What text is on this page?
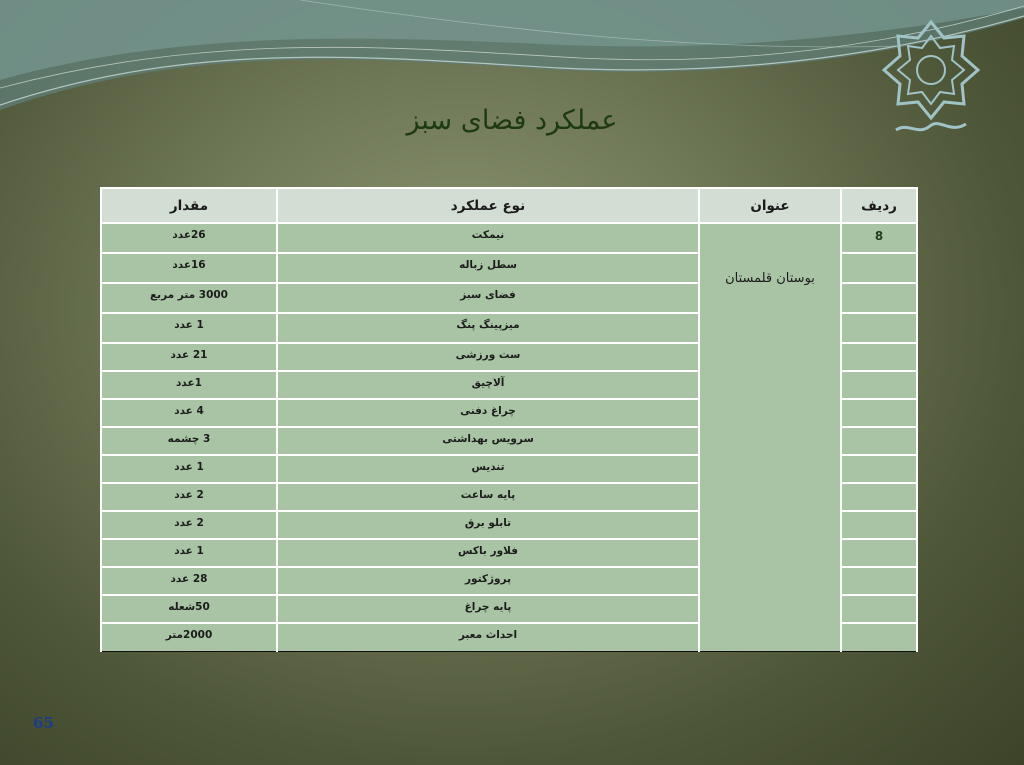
عملکرد فضای سبز
ردیف	عنوان	نوع عملکرد	مقدار
8	بوستان قلمستان	نیمکت	26عدد
		سطل زباله	16عدد
		فضای سبز	3000 متر مربع
		میزپینگ پنگ	1 عدد
		ست ورزشی	21 عدد
		آلاچیق	1عدد
		چراغ دفنی	4 عدد
		سرویس بهداشتی	3 چشمه
		تندیس	1 عدد
		پایه ساعت	2 عدد
		تابلو برق	2 عدد
		فلاور باکس	1 عدد
		پروژکتور	28 عدد
		پایه چراغ	50شعله
		احداث معبر	2000متر
65
